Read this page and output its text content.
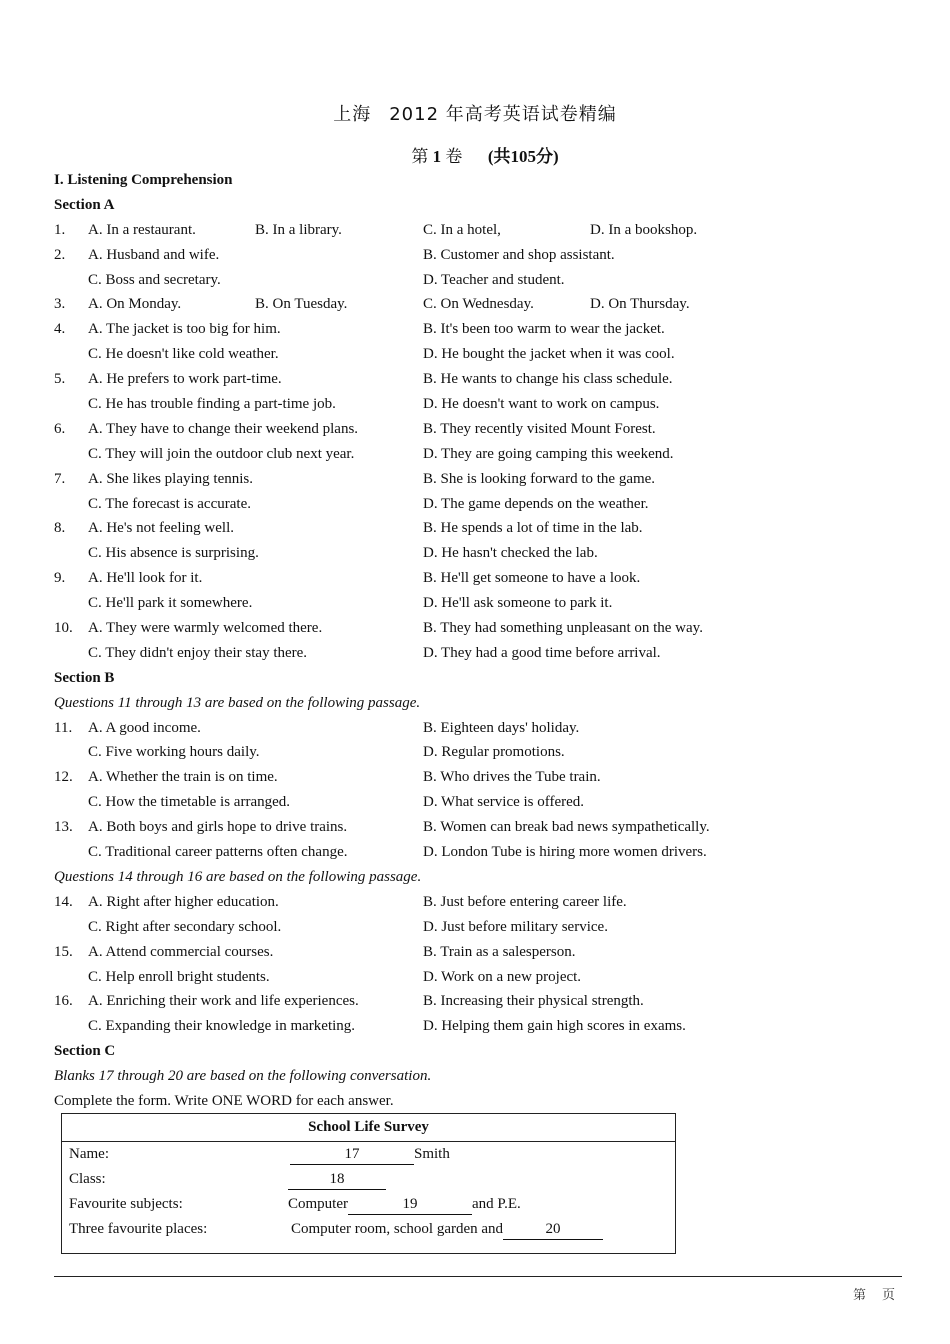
上海 2012 年高考英语试卷精编
第 1 卷 (共105分)
I. Listening Comprehension
Section A
1. A. In a restaurant.	B. In a library.	C. In a hotel,	D. In a bookshop.
2. A. Husband and wife.	B. Customer and shop assistant.
C. Boss and secretary.	D. Teacher and student.
3. A. On Monday.	B. On Tuesday.	C. On Wednesday.	D. On Thursday.
4. A. The jacket is too big for him.	B. It's been too warm to wear the jacket.
C. He doesn't like cold weather.	D. He bought the jacket when it was cool.
5. A. He prefers to work part-time.	B. He wants to change his class schedule.
C. He has trouble finding a part-time job.	D. He doesn't want to work on campus.
6. A. They have to change their weekend plans.	B. They recently visited Mount Forest.
C. They will join the outdoor club next year.	D. They are going camping this weekend.
7. A. She likes playing tennis.	B. She is looking forward to the game.
C. The forecast is accurate.	D. The game depends on the weather.
8. A. He's not feeling well.	B. He spends a lot of time in the lab.
C. His absence is surprising.	D. He hasn't checked the lab.
9. A. He'll look for it.	B. He'll get someone to have a look.
C. He'll park it somewhere.	D. He'll ask someone to park it.
10. A. They were warmly welcomed there.	B. They had something unpleasant on the way.
C. They didn't enjoy their stay there.	D. They had a good time before arrival.
Section B
Questions 11 through 13 are based on the following passage.
11. A. A good income.	B. Eighteen days' holiday.
C. Five working hours daily.	D. Regular promotions.
12. A. Whether the train is on time.	B. Who drives the Tube train.
C. How the timetable is arranged.	D. What service is offered.
13. A. Both boys and girls hope to drive trains.	B. Women can break bad news sympathetically.
C. Traditional career patterns often change.	D. London Tube is hiring more women drivers.
Questions 14 through 16 are based on the following passage.
14. A. Right after higher education.	B. Just before entering career life.
C. Right after secondary school.	D. Just before military service.
15. A. Attend commercial courses.	B. Train as a salesperson.
C. Help enroll bright students.	D. Work on a new project.
16. A. Enriching their work and life experiences.	B. Increasing their physical strength.
C. Expanding their knowledge in marketing.	D. Helping them gain high scores in exams.
Section C
Blanks 17 through 20 are based on the following conversation.
Complete the form. Write ONE WORD for each answer.
School Life Survey
Name:	17	Smith
Class:	18
Favourite subjects:	Computer	19	and P.E.
Three favourite places:	Computer room, school garden and	20
第 页
